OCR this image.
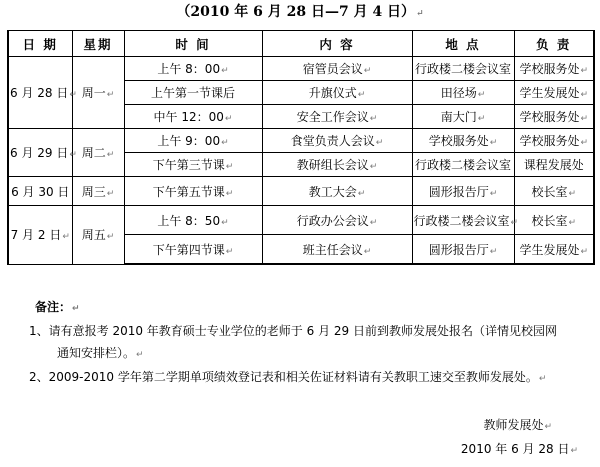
（2010 年 6 月 28 日—7 月 4 日）↵
日 期	星期	时 间	内 容	地 点	负 责
6 月 28 日↵	周一↵	上午 8：00↵	宿管员会议↵	行政楼二楼会议室	学校服务处↵
		上午第一节课后	升旗仪式↵	田径场↵	学生发展处↵
		中午 12：00↵	安全工作会议↵	南大门↵	学校服务处↵
6 月 29 日↵	周二↵	上午 9：00↵	食堂负责人会议↵	学校服务处↵	学校服务处↵
		下午第三节课↵	教研组长会议↵	行政楼二楼会议室	课程发展处
6 月 30 日	周三↵	下午第五节课↵	教工大会↵	圆形报告厅↵	校长室↵
7 月 2 日↵	周五↵	上午 8：50↵	行政办公会议↵	行政楼二楼会议室↵	校长室↵
		下午第四节课↵	班主任会议↵	圆形报告厅↵	学生发展处↵
备注：↵
1、请有意报考 2010 年教育硕士专业学位的老师于 6 月 29 日前到教师发展处报名（详情见校园网
通知安排栏）。↵
2、2009-2010 学年第二学期单项绩效登记表和相关佐证材料请有关教职工速交至教师发展处。↵
教师发展处↵
2010 年 6 月 28 日↵
